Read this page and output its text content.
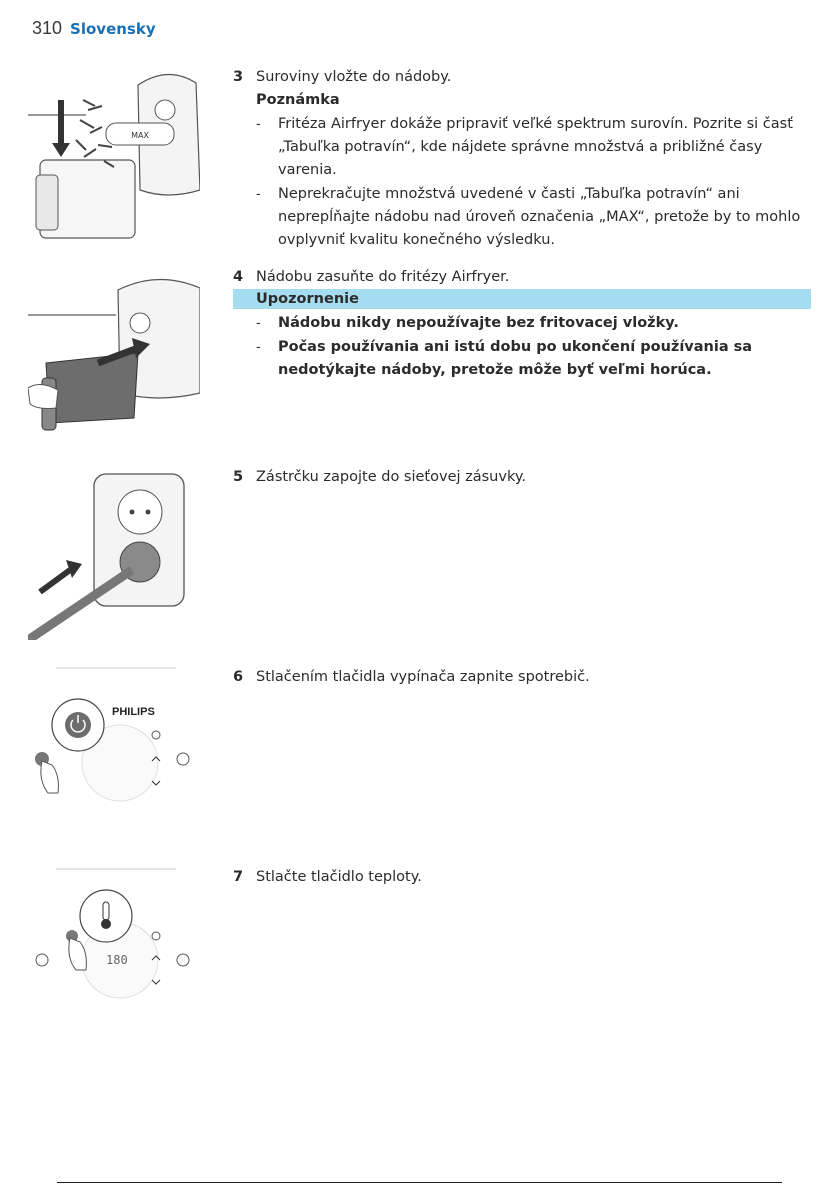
310 Slovensky
MAX
3 Suroviny vložte do nádoby.
Poznámka
-	Fritéza Airfryer dokáže pripraviť veľké spektrum surovín. Pozrite si časť „Tabuľka potravín“, kde nájdete správne množstvá a približné časy varenia.
-	Neprekračujte množstvá uvedené v časti „Tabuľka potravín“ ani neprepĺňajte nádobu nad úroveň označenia „MAX“, pretože by to mohlo ovplyvniť kvalitu konečného výsledku.
4 Nádobu zasuňte do fritézy Airfryer.
Upozornenie
-	Nádobu nikdy nepoužívajte bez fritovacej vložky.
-	Počas používania ani istú dobu po ukončení používania sa nedotýkajte nádoby, pretože môže byť veľmi horúca.
5 Zástrčku zapojte do sieťovej zásuvky.
PHILIPS
6 Stlačením tlačidla vypínača zapnite spotrebič.
180
7 Stlačte tlačidlo teploty.
